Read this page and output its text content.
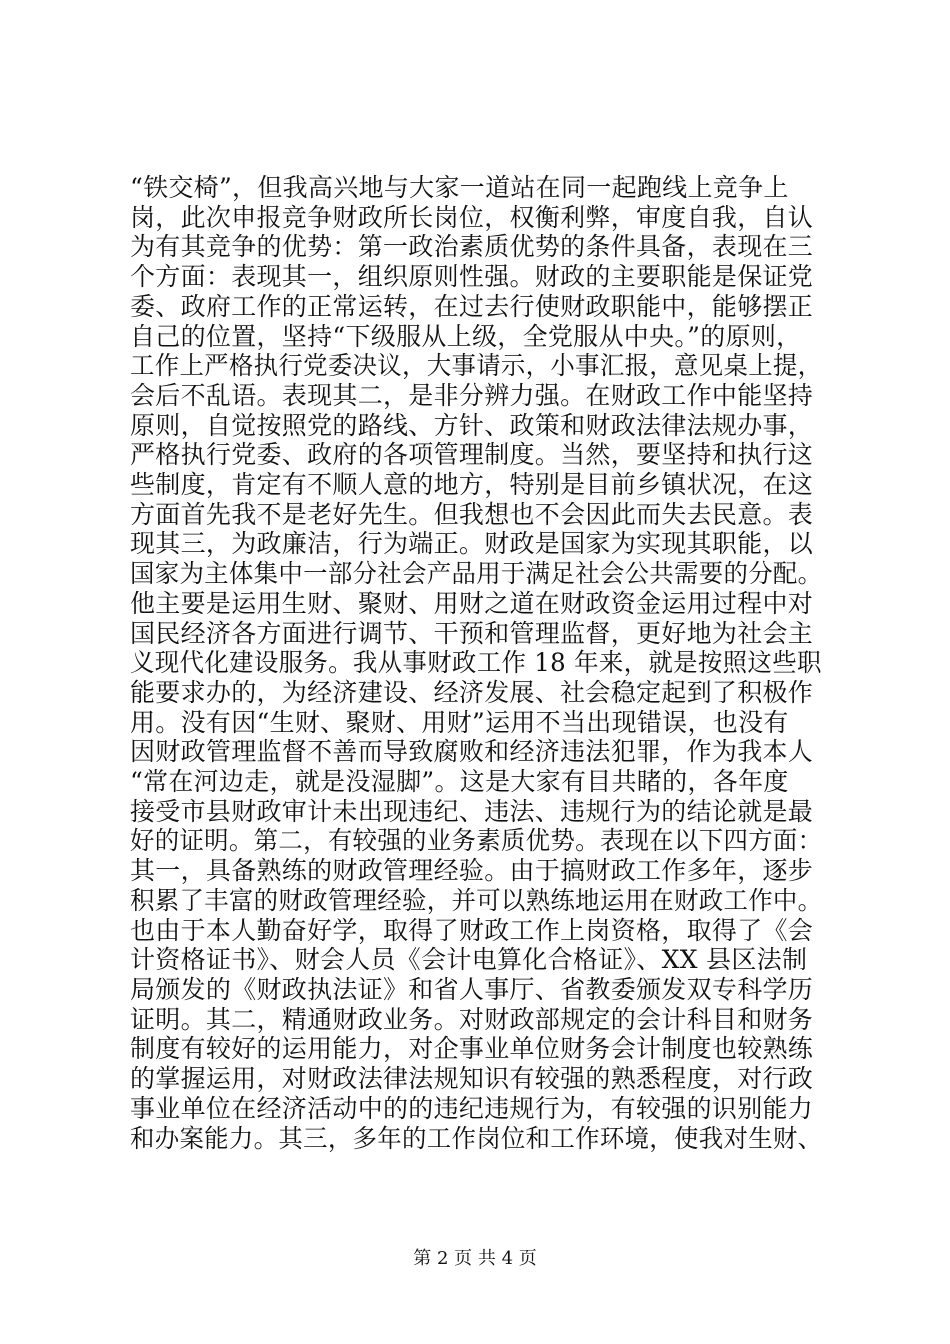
“铁交椅”，但我高兴地与大家一道站在同一起跑线上竞争上
岗，此次申报竞争财政所长岗位，权衡利弊，审度自我，自认
为有其竞争的优势：第一政治素质优势的条件具备，表现在三
个方面：表现其一，组织原则性强。财政的主要职能是保证党
委、政府工作的正常运转，在过去行使财政职能中，能够摆正
自己的位置，坚持“下级服从上级，全党服从中央。”的原则，
工作上严格执行党委决议，大事请示，小事汇报，意见桌上提，
会后不乱语。表现其二，是非分辨力强。在财政工作中能坚持
原则，自觉按照党的路线、方针、政策和财政法律法规办事，
严格执行党委、政府的各项管理制度。当然，要坚持和执行这
些制度，肯定有不顺人意的地方，特别是目前乡镇状况，在这
方面首先我不是老好先生。但我想也不会因此而失去民意。表
现其三，为政廉洁，行为端正。财政是国家为实现其职能，以
国家为主体集中一部分社会产品用于满足社会公共需要的分配。
他主要是运用生财、聚财、用财之道在财政资金运用过程中对
国民经济各方面进行调节、干预和管理监督，更好地为社会主
义现代化建设服务。我从事财政工作 18 年来，就是按照这些职
能要求办的，为经济建设、经济发展、社会稳定起到了积极作
用。没有因“生财、聚财、用财”运用不当出现错误，也没有
因财政管理监督不善而导致腐败和经济违法犯罪，作为我本人
“常在河边走，就是没湿脚”。这是大家有目共睹的，各年度
接受市县财政审计未出现违纪、违法、违规行为的结论就是最
好的证明。第二，有较强的业务素质优势。表现在以下四方面：
其一，具备熟练的财政管理经验。由于搞财政工作多年，逐步
积累了丰富的财政管理经验，并可以熟练地运用在财政工作中。
也由于本人勤奋好学，取得了财政工作上岗资格，取得了《会
计资格证书》、财会人员《会计电算化合格证》、XX 县区法制
局颁发的《财政执法证》和省人事厅、省教委颁发双专科学历
证明。其二，精通财政业务。对财政部规定的会计科目和财务
制度有较好的运用能力，对企事业单位财务会计制度也较熟练
的掌握运用，对财政法律法规知识有较强的熟悉程度，对行政
事业单位在经济活动中的的违纪违规行为，有较强的识别能力
和办案能力。其三，多年的工作岗位和工作环境，使我对生财、
第 2 页 共 4 页
